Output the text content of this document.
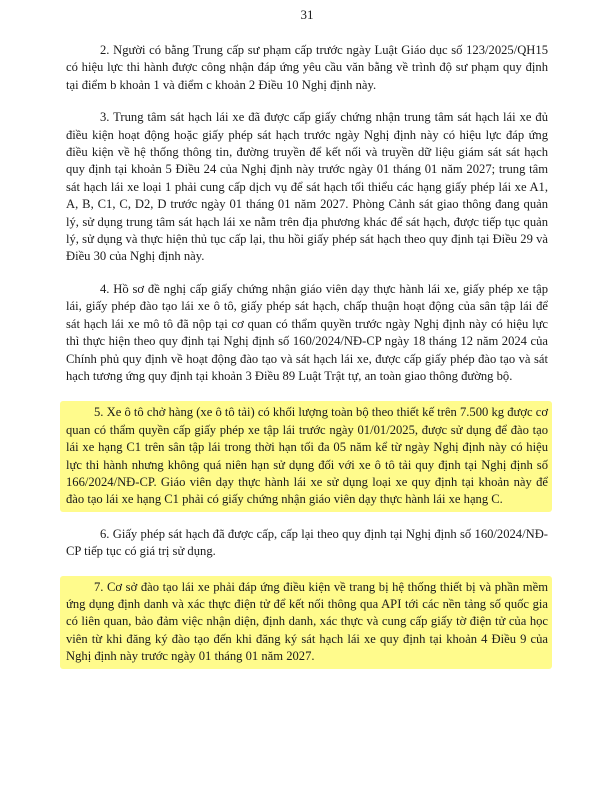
31

2. Người có bằng Trung cấp sư phạm cấp trước ngày Luật Giáo dục số 123/2025/QH15 có hiệu lực thi hành được công nhận đáp ứng yêu cầu văn bằng về trình độ sư phạm quy định tại điểm b khoản 1 và điểm c khoản 2 Điều 10 Nghị định này.

3. Trung tâm sát hạch lái xe đã được cấp giấy chứng nhận trung tâm sát hạch lái xe đủ điều kiện hoạt động hoặc giấy phép sát hạch trước ngày Nghị định này có hiệu lực đáp ứng điều kiện về hệ thống thông tin, đường truyền để kết nối và truyền dữ liệu giám sát sát hạch quy định tại khoản 5 Điều 24 của Nghị định này trước ngày 01 tháng 01 năm 2027; trung tâm sát hạch lái xe loại 1 phải cung cấp dịch vụ để sát hạch tối thiểu các hạng giấy phép lái xe A1, A, B, C1, C, D2, D trước ngày 01 tháng 01 năm 2027. Phòng Cảnh sát giao thông đang quản lý, sử dụng trung tâm sát hạch lái xe nằm trên địa phương khác để sát hạch, được tiếp tục quản lý, sử dụng và thực hiện thủ tục cấp lại, thu hồi giấy phép sát hạch theo quy định tại Điều 29 và Điều 30 của Nghị định này.

4. Hồ sơ đề nghị cấp giấy chứng nhận giáo viên dạy thực hành lái xe, giấy phép xe tập lái, giấy phép đào tạo lái xe ô tô, giấy phép sát hạch, chấp thuận hoạt động của sân tập lái để sát hạch lái xe mô tô đã nộp tại cơ quan có thẩm quyền trước ngày Nghị định này có hiệu lực thì thực hiện theo quy định tại Nghị định số 160/2024/NĐ-CP ngày 18 tháng 12 năm 2024 của Chính phủ quy định về hoạt động đào tạo và sát hạch lái xe, được cấp giấy phép đào tạo và sát hạch tương ứng quy định tại khoản 3 Điều 89 Luật Trật tự, an toàn giao thông đường bộ.

5. Xe ô tô chở hàng (xe ô tô tải) có khối lượng toàn bộ theo thiết kế trên 7.500 kg được cơ quan có thẩm quyền cấp giấy phép xe tập lái trước ngày 01/01/2025, được sử dụng để đào tạo lái xe hạng C1 trên sân tập lái trong thời hạn tối đa 05 năm kể từ ngày Nghị định này có hiệu lực thi hành nhưng không quá niên hạn sử dụng đối với xe ô tô tải quy định tại Nghị định số 166/2024/NĐ-CP. Giáo viên dạy thực hành lái xe sử dụng loại xe quy định tại khoản này để đào tạo lái xe hạng C1 phải có giấy chứng nhận giáo viên dạy thực hành lái xe hạng C.

6. Giấy phép sát hạch đã được cấp, cấp lại theo quy định tại Nghị định số 160/2024/NĐ-CP tiếp tục có giá trị sử dụng.

7. Cơ sở đào tạo lái xe phải đáp ứng điều kiện về trang bị hệ thống thiết bị và phần mềm ứng dụng định danh và xác thực điện tử để kết nối thông qua API tới các nền tảng số quốc gia có liên quan, bảo đảm việc nhận diện, định danh, xác thực và cung cấp giấy tờ điện tử của học viên từ khi đăng ký đào tạo đến khi đăng ký sát hạch lái xe quy định tại khoản 4 Điều 9 của Nghị định này trước ngày 01 tháng 01 năm 2027.
